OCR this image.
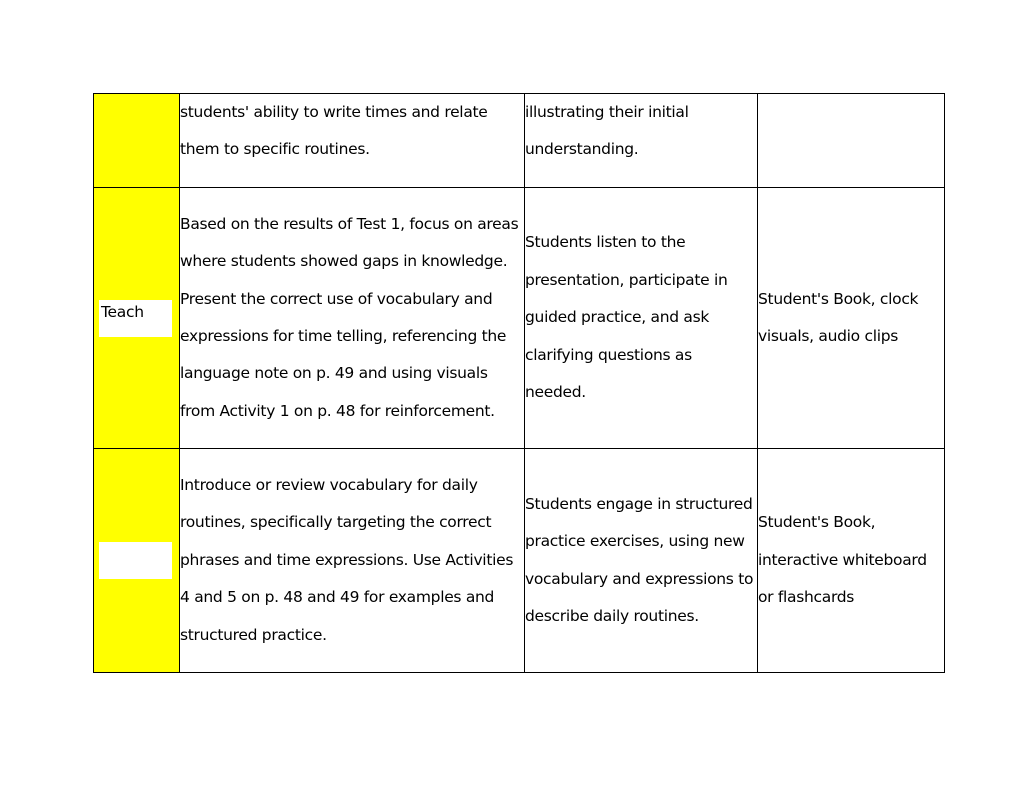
	students' ability to write times and relate them to specific routines.	illustrating their initial understanding.	

Teach	Based on the results of Test 1, focus on areas where students showed gaps in knowledge. Present the correct use of vocabulary and expressions for time telling, referencing the language note on p. 49 and using visuals from Activity 1 on p. 48 for reinforcement.	Students listen to the presentation, participate in guided practice, and ask clarifying questions as needed.	Student's Book, clock visuals, audio clips

	Introduce or review vocabulary for daily routines, specifically targeting the correct phrases and time expressions. Use Activities 4 and 5 on p. 48 and 49 for examples and structured practice.	Students engage in structured practice exercises, using new vocabulary and expressions to describe daily routines.	Student's Book, interactive whiteboard or flashcards
